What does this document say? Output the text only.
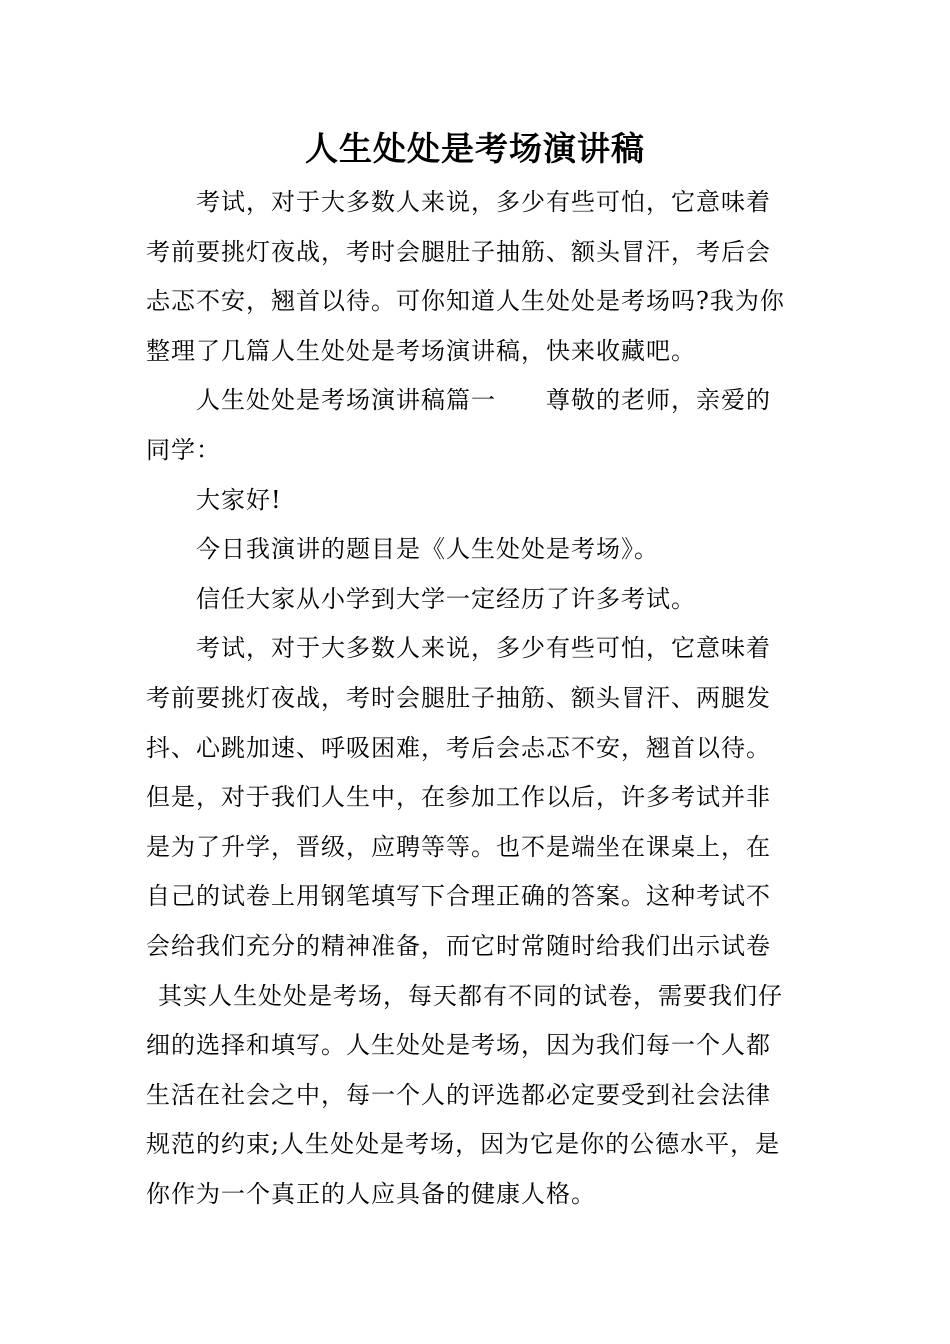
人生处处是考场演讲稿
考试，对于大多数人来说，多少有些可怕，它意味着
考前要挑灯夜战，考时会腿肚子抽筋、额头冒汗，考后会
忐忑不安，翘首以待。可你知道人生处处是考场吗?我为你
整理了几篇人生处处是考场演讲稿，快来收藏吧。
人生处处是考场演讲稿篇一　　尊敬的老师，亲爱的
同学：
大家好!
今日我演讲的题目是《人生处处是考场》。
信任大家从小学到大学一定经历了许多考试。
考试，对于大多数人来说，多少有些可怕，它意味着
考前要挑灯夜战，考时会腿肚子抽筋、额头冒汗、两腿发
抖、心跳加速、呼吸困难，考后会忐忑不安，翘首以待。
但是，对于我们人生中，在参加工作以后，许多考试并非
是为了升学，晋级，应聘等等。也不是端坐在课桌上，在
自己的试卷上用钢笔填写下合理正确的答案。这种考试不
会给我们充分的精神准备，而它时常随时给我们出示试卷
其实人生处处是考场，每天都有不同的试卷，需要我们仔
细的选择和填写。人生处处是考场，因为我们每一个人都
生活在社会之中，每一个人的评选都必定要受到社会法律
规范的约束;人生处处是考场，因为它是你的公德水平，是
你作为一个真正的人应具备的健康人格。
